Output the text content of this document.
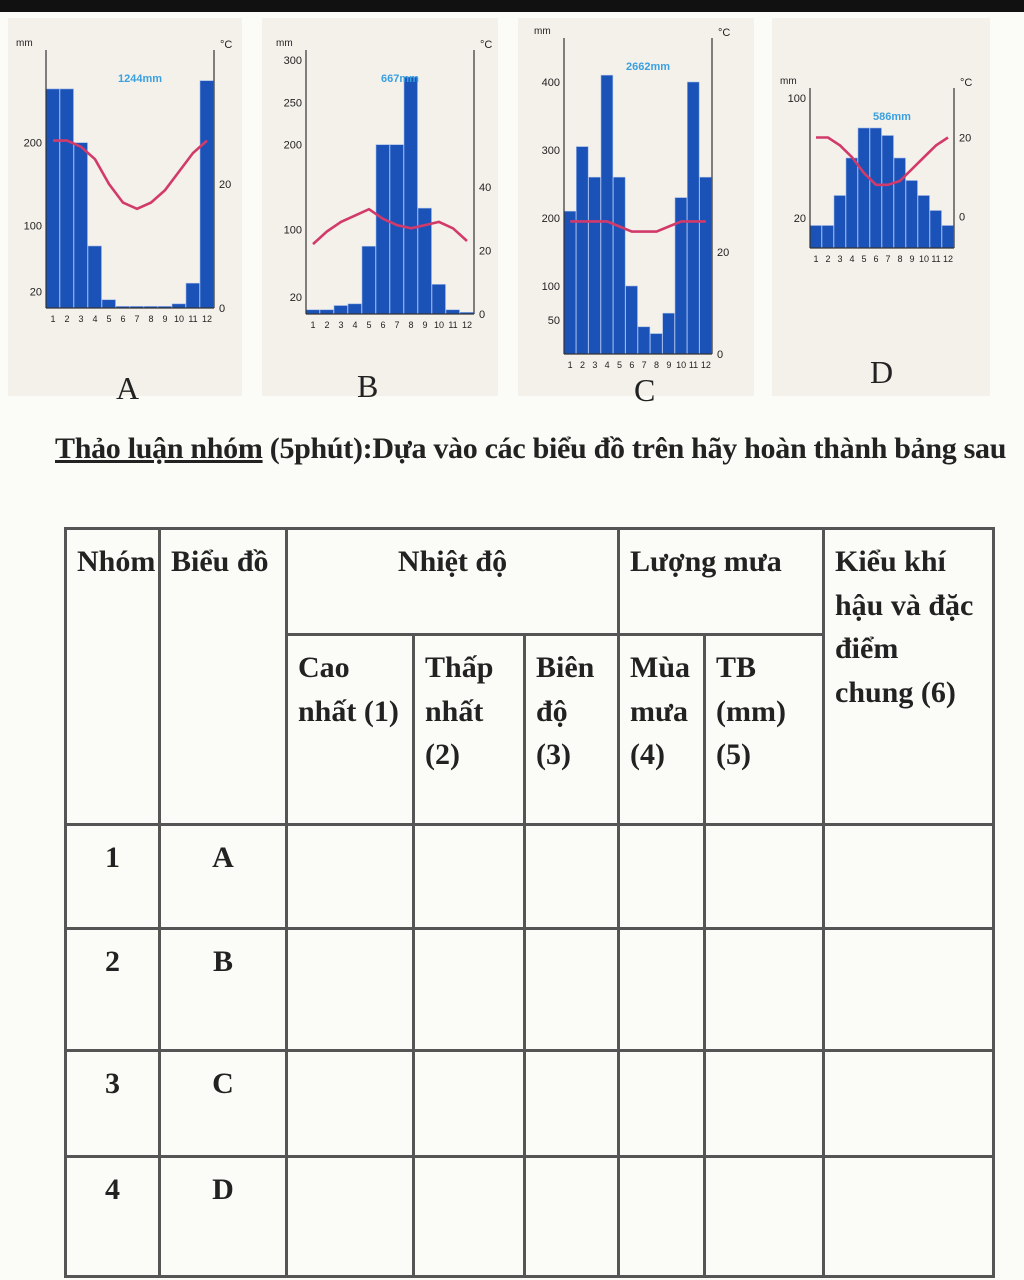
mm	°C
200
100
20
20
0
1 2 3 4 5 6 7 8 9 10 11 12
1244mm
A
mm	°C
300
250
200
100
20
40
20
0
1 2 3 4 5 6 7 8 9 10 11 12
667mm
B
mm	°C
400
300
200
100
50
20
0
1 2 3 4 5 6 7 8 9 10 11 12
2662mm
C
mm	°C
100
20
20
0
1 2 3 4 5 6 7 8 9 10 11 12
586mm
D
Thảo luận nhóm (5phút):Dựa vào các biểu đồ trên hãy hoàn thành bảng sau
Nhóm	Biểu đồ	Nhiệt độ			Lượng mưa		Kiểu khí hậu và đặc điểm chung (6)
		Cao nhất (1)	Thấp nhất (2)	Biên độ (3)	Mùa mưa (4)	TB (mm) (5)	
1	A						
2	B						
3	C						
4	D						
